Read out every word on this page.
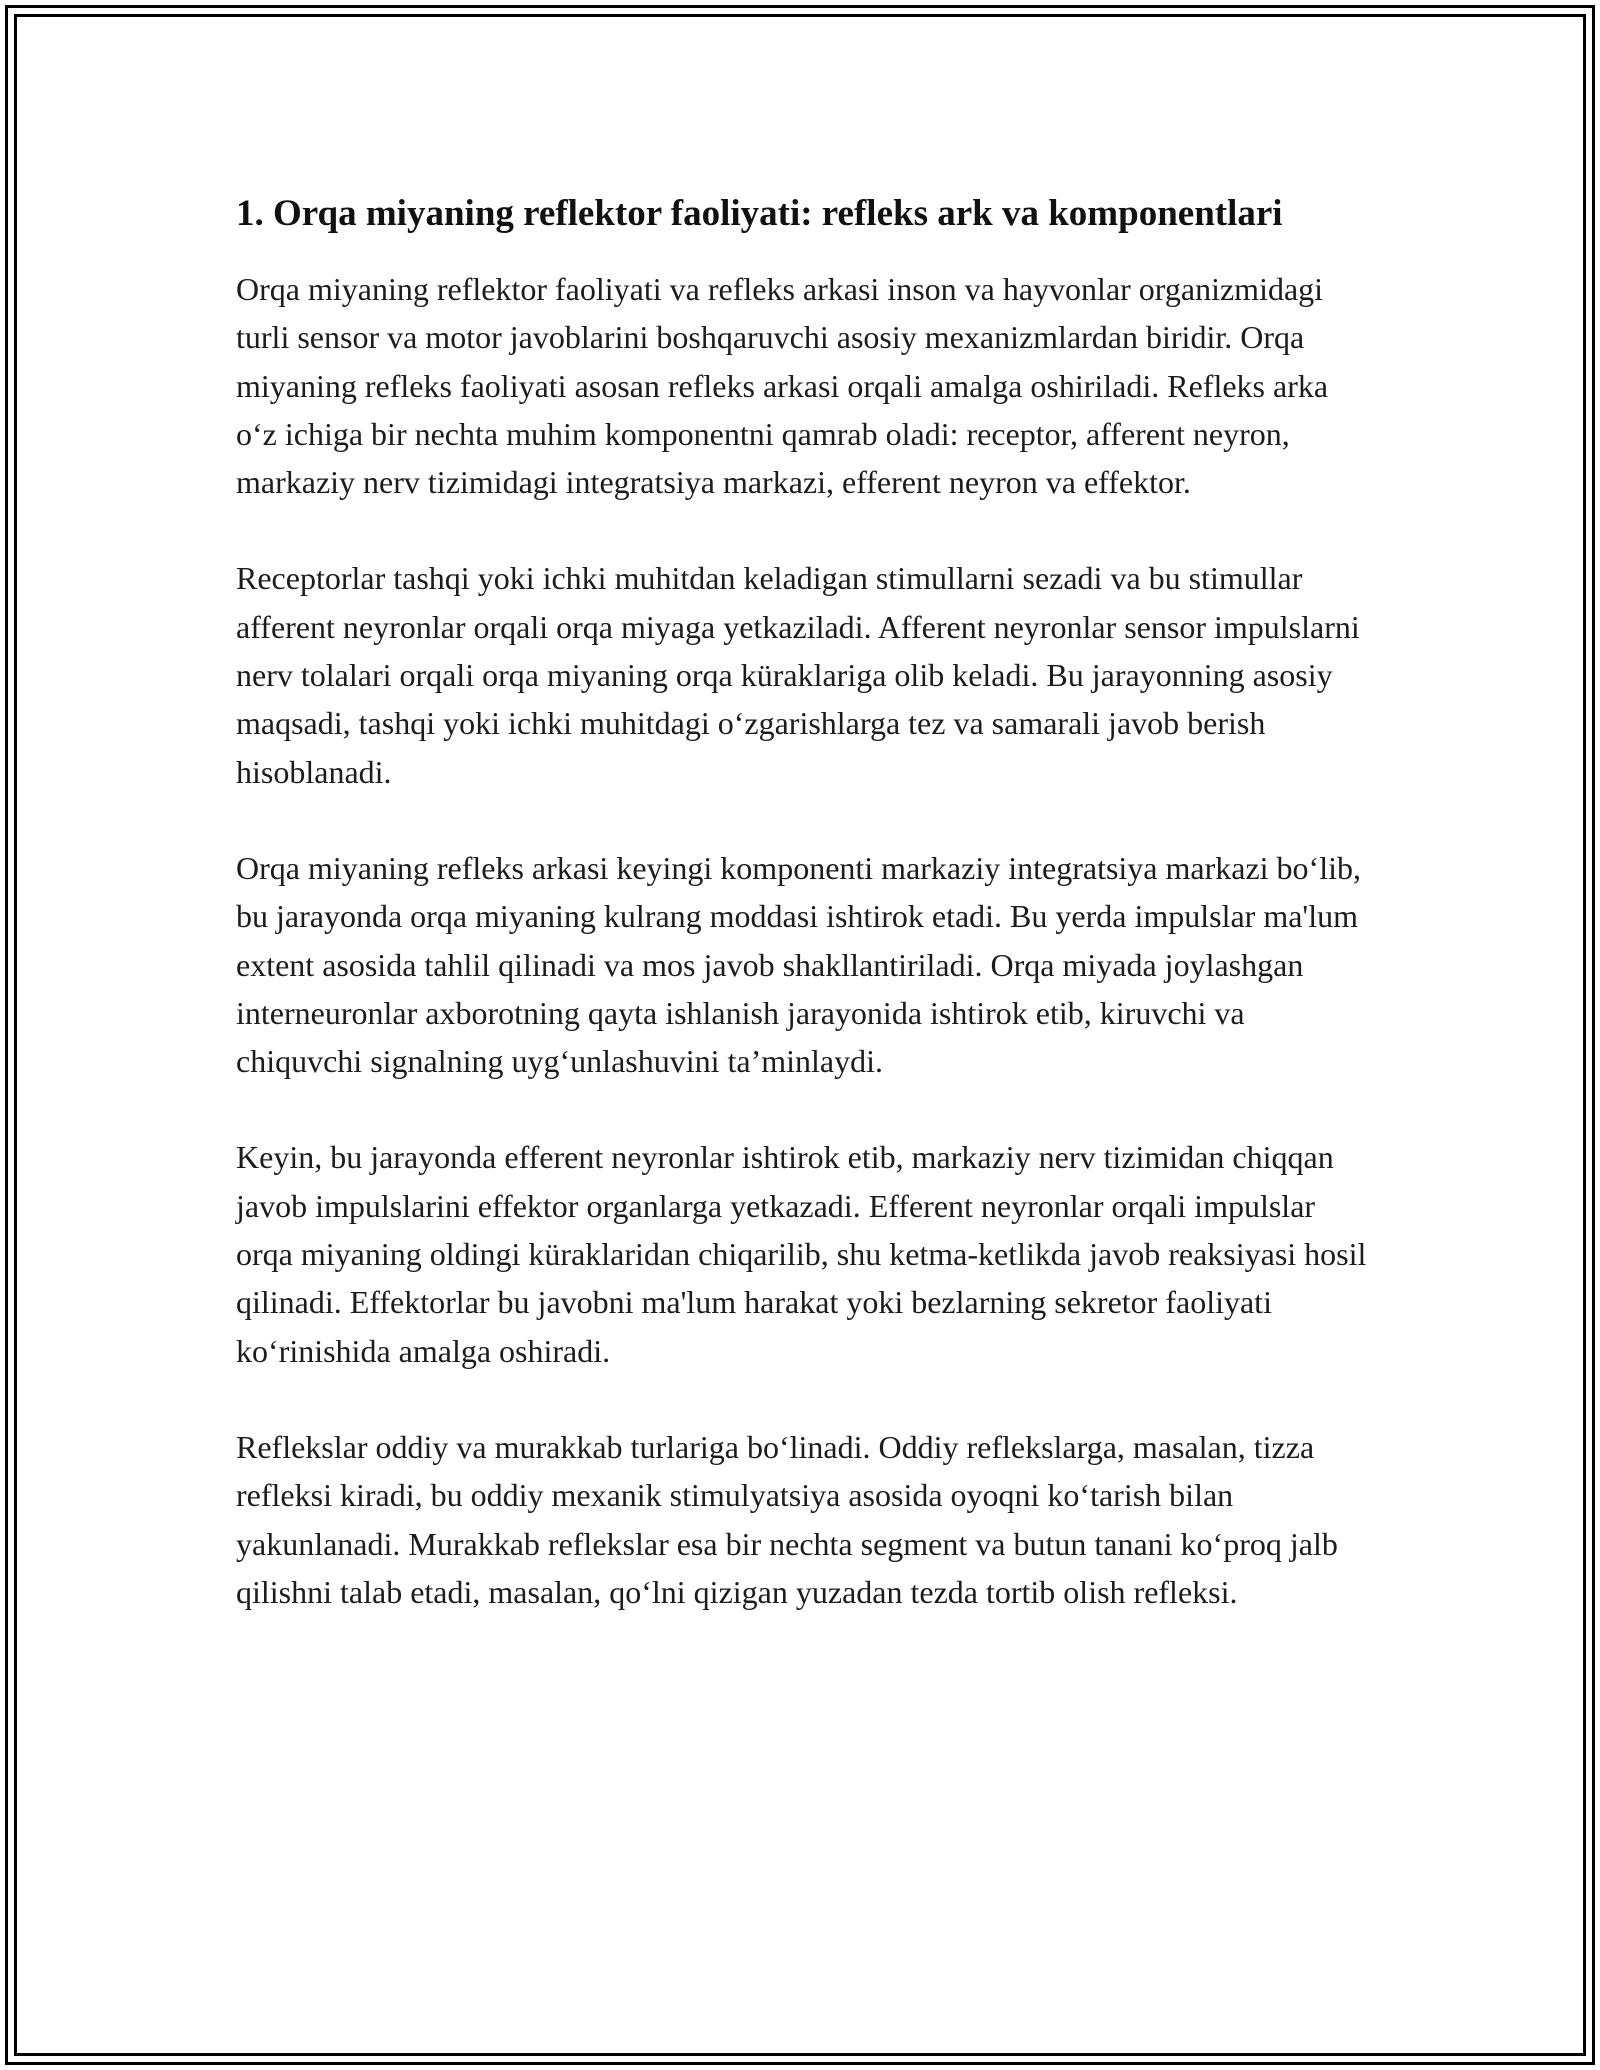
1. Orqa miyaning reflektor faoliyati: refleks ark va komponentlari

Orqa miyaning reflektor faoliyati va refleks arkasi inson va hayvonlar organizmidagi turli sensor va motor javoblarini boshqaruvchi asosiy mexanizmlardan biridir. Orqa miyaning refleks faoliyati asosan refleks arkasi orqali amalga oshiriladi. Refleks arka o‘z ichiga bir nechta muhim komponentni qamrab oladi: receptor, afferent neyron, markaziy nerv tizimidagi integratsiya markazi, efferent neyron va effektor.

Receptorlar tashqi yoki ichki muhitdan keladigan stimullarni sezadi va bu stimullar afferent neyronlar orqali orqa miyaga yetkaziladi. Afferent neyronlar sensor impulslarni nerv tolalari orqali orqa miyaning orqa küraklariga olib keladi. Bu jarayonning asosiy maqsadi, tashqi yoki ichki muhitdagi o‘zgarishlarga tez va samarali javob berish hisoblanadi.

Orqa miyaning refleks arkasi keyingi komponenti markaziy integratsiya markazi bo‘lib, bu jarayonda orqa miyaning kulrang moddasi ishtirok etadi. Bu yerda impulslar ma'lum extent asosida tahlil qilinadi va mos javob shakllantiriladi. Orqa miyada joylashgan interneuronlar axborotning qayta ishlanish jarayonida ishtirok etib, kiruvchi va chiquvchi signalning uyg‘unlashuvini ta’minlaydi.

Keyin, bu jarayonda efferent neyronlar ishtirok etib, markaziy nerv tizimidan chiqqan javob impulslarini effektor organlarga yetkazadi. Efferent neyronlar orqali impulslar orqa miyaning oldingi küraklaridan chiqarilib, shu ketma-ketlikda javob reaksiyasi hosil qilinadi. Effektorlar bu javobni ma'lum harakat yoki bezlarning sekretor faoliyati ko‘rinishida amalga oshiradi.

Reflekslar oddiy va murakkab turlariga bo‘linadi. Oddiy reflekslarga, masalan, tizza refleksi kiradi, bu oddiy mexanik stimulyatsiya asosida oyoqni ko‘tarish bilan yakunlanadi. Murakkab reflekslar esa bir nechta segment va butun tanani ko‘proq jalb qilishni talab etadi, masalan, qo‘lni qizigan yuzadan tezda tortib olish refleksi.
